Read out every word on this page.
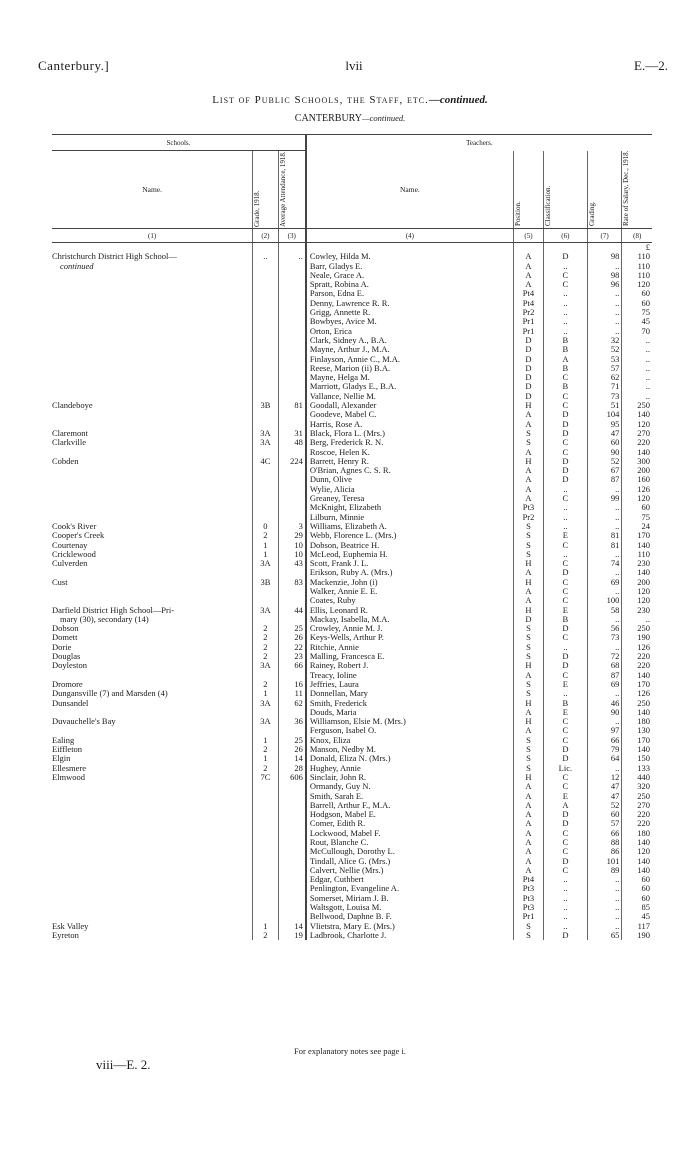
Canterbury.]	lvii	E.—2.
List of Public Schools, the Staff, etc.—continued.
CANTERBURY—continued.
Schools.			Teachers.				
Name.	Grade, 1918.	Average Attendance, 1918.	Name.	Position.	Classification.	Grading.	Rate of Salary, Dec., 1918.

(1)	(2)	(3)	(4)	(5)	(6)	(7)	(8)
							£
Christchurch District High School—	..	..	Cowley, Hilda M.	A	D	98	110
continued			Barr, Gladys E.	A	..	..	110
			Neale, Grace A.	A	C	98	110
			Spratt, Robina A.	A	C	96	120
			Parson, Edna E.	Pt4	..	..	60
			Denny, Lawrence R. R.	Pt4	..	..	60
			Grigg, Annette R.	Pr2	..	..	75
			Bowbyes, Avice M.	Pr1	..	..	45
			Orton, Erica	Pr1	..	..	70
			Clark, Sidney A., B.A.	D	B	32	..
			Mayne, Arthur J., M.A.	D	B	52	..
			Finlayson, Annie C., M.A.	D	A	53	..
			Reese, Marion (ii) B.A.	D	B	57	..
			Mayne, Helga M.	D	C	62	..
			Marriott, Gladys E., B.A.	D	B	71	..
			Vallance, Nellie M.	D	C	73	..
Clandeboye	3B	81	Goodall, Alexander	H	C	51	250
			Goodeve, Mabel C.	A	D	104	140
			Harris, Rose A.	A	D	95	120
Claremont	3A	31	Black, Flora L. (Mrs.)	S	D	47	270
Clarkville	3A	48	Berg, Frederick R. N.	S	C	60	220
			Roscoe, Helen K.	A	C	90	140
Cobden	4C	224	Barrett, Henry R.	H	D	52	300
			O'Brian, Agnes C. S. R.	A	D	67	200
			Dunn, Olive	A	D	87	160
			Wylie, Alicia	A	..	..	126
			Greaney, Teresa	A	C	99	120
			McKnight, Elizabeth	Pt3	..	..	60
			Lilburn, Minnie	Pr2	..	..	75
Cook's River	0	3	Williams, Elizabeth A.	S	..	..	24
Cooper's Creek	2	29	Webb, Florence L. (Mrs.)	S	E	81	170
Courtenay	1	10	Dobson, Beatrice H.	S	C	81	140
Cricklewood	1	10	McLeod, Euphemia H.	S	..	..	110
Culverden	3A	43	Scott, Frank J. L.	H	C	74	230
			Erikson, Ruby A. (Mrs.)	A	D	..	140
Cust	3B	83	Mackenzie, John (i)	H	C	69	200
			Walker, Annie E. E.	A	C	..	120
			Coates, Ruby	A	C	100	120
Darfield District High School—Pri-	3A	44	Ellis, Leonard R.	H	E	58	230
mary (30), secondary (14)			Mackay, Isabella, M.A.	D	B	..	..
Dobson	2	25	Crowley, Annie M. J.	S	D	56	250
Domett	2	26	Keys-Wells, Arthur P.	S	C	73	190
Dorie	2	22	Ritchie, Annie	S	..	..	126
Douglas	2	23	Malling, Francesca E.	S	D	72	220
Doyleston	3A	66	Rainey, Robert J.	H	D	68	220
			Treacy, Ioline	A	C	87	140
Dromore	2	16	Jeffries, Laura	S	E	69	170
Dungansville (7) and Marsden (4)	1	11	Donnellan, Mary	S	..	..	126
Dunsandel	3A	62	Smith, Frederick	H	B	46	250
			Douds, Maria	A	E	90	140
Duvauchelle's Bay	3A	36	Williamson, Elsie M. (Mrs.)	H	C	..	180
			Ferguson, Isabel O.	A	C	97	130
Ealing	1	25	Knox, Eliza	S	C	66	170
Eiffleton	2	26	Manson, Nedby M.	S	D	79	140
Elgin	1	14	Donald, Eliza N. (Mrs.)	S	D	64	150
Ellesmere	2	28	Hughey, Annie	S	Lic.	..	133
Elmwood	7C	606	Sinclair, John R.	H	C	12	440
			Ormandy, Guy N.	A	C	47	320
			Smith, Sarah E.	A	E	47	250
			Barrell, Arthur F., M.A.	A	A	52	270
			Hodgson, Mabel E.	A	D	60	220
			Comer, Edith R.	A	D	57	220
			Lockwood, Mabel F.	A	C	66	180
			Rout, Blanche C.	A	C	88	140
			McCullough, Dorothy L.	A	C	86	120
			Tindall, Alice G. (Mrs.)	A	D	101	140
			Calvert, Nellie (Mrs.)	A	C	89	140
			Edgar, Cuthbert	Pt4	..	..	60
			Penlington, Evangeline A.	Pt3	..	..	60
			Somerset, Miriam J. B.	Pt3	..	..	60
			Waltsgott, Louisa M.	Pt3	..	..	85
			Bellwood, Daphne B. F.	Pr1	..	..	45
Esk Valley	1	14	Vlietstra, Mary E. (Mrs.)	S	..	..	117
Eyreton	2	19	Ladbrook, Charlotte J.	S	D	65	190
For explanatory notes see page i.
viii—E. 2.
